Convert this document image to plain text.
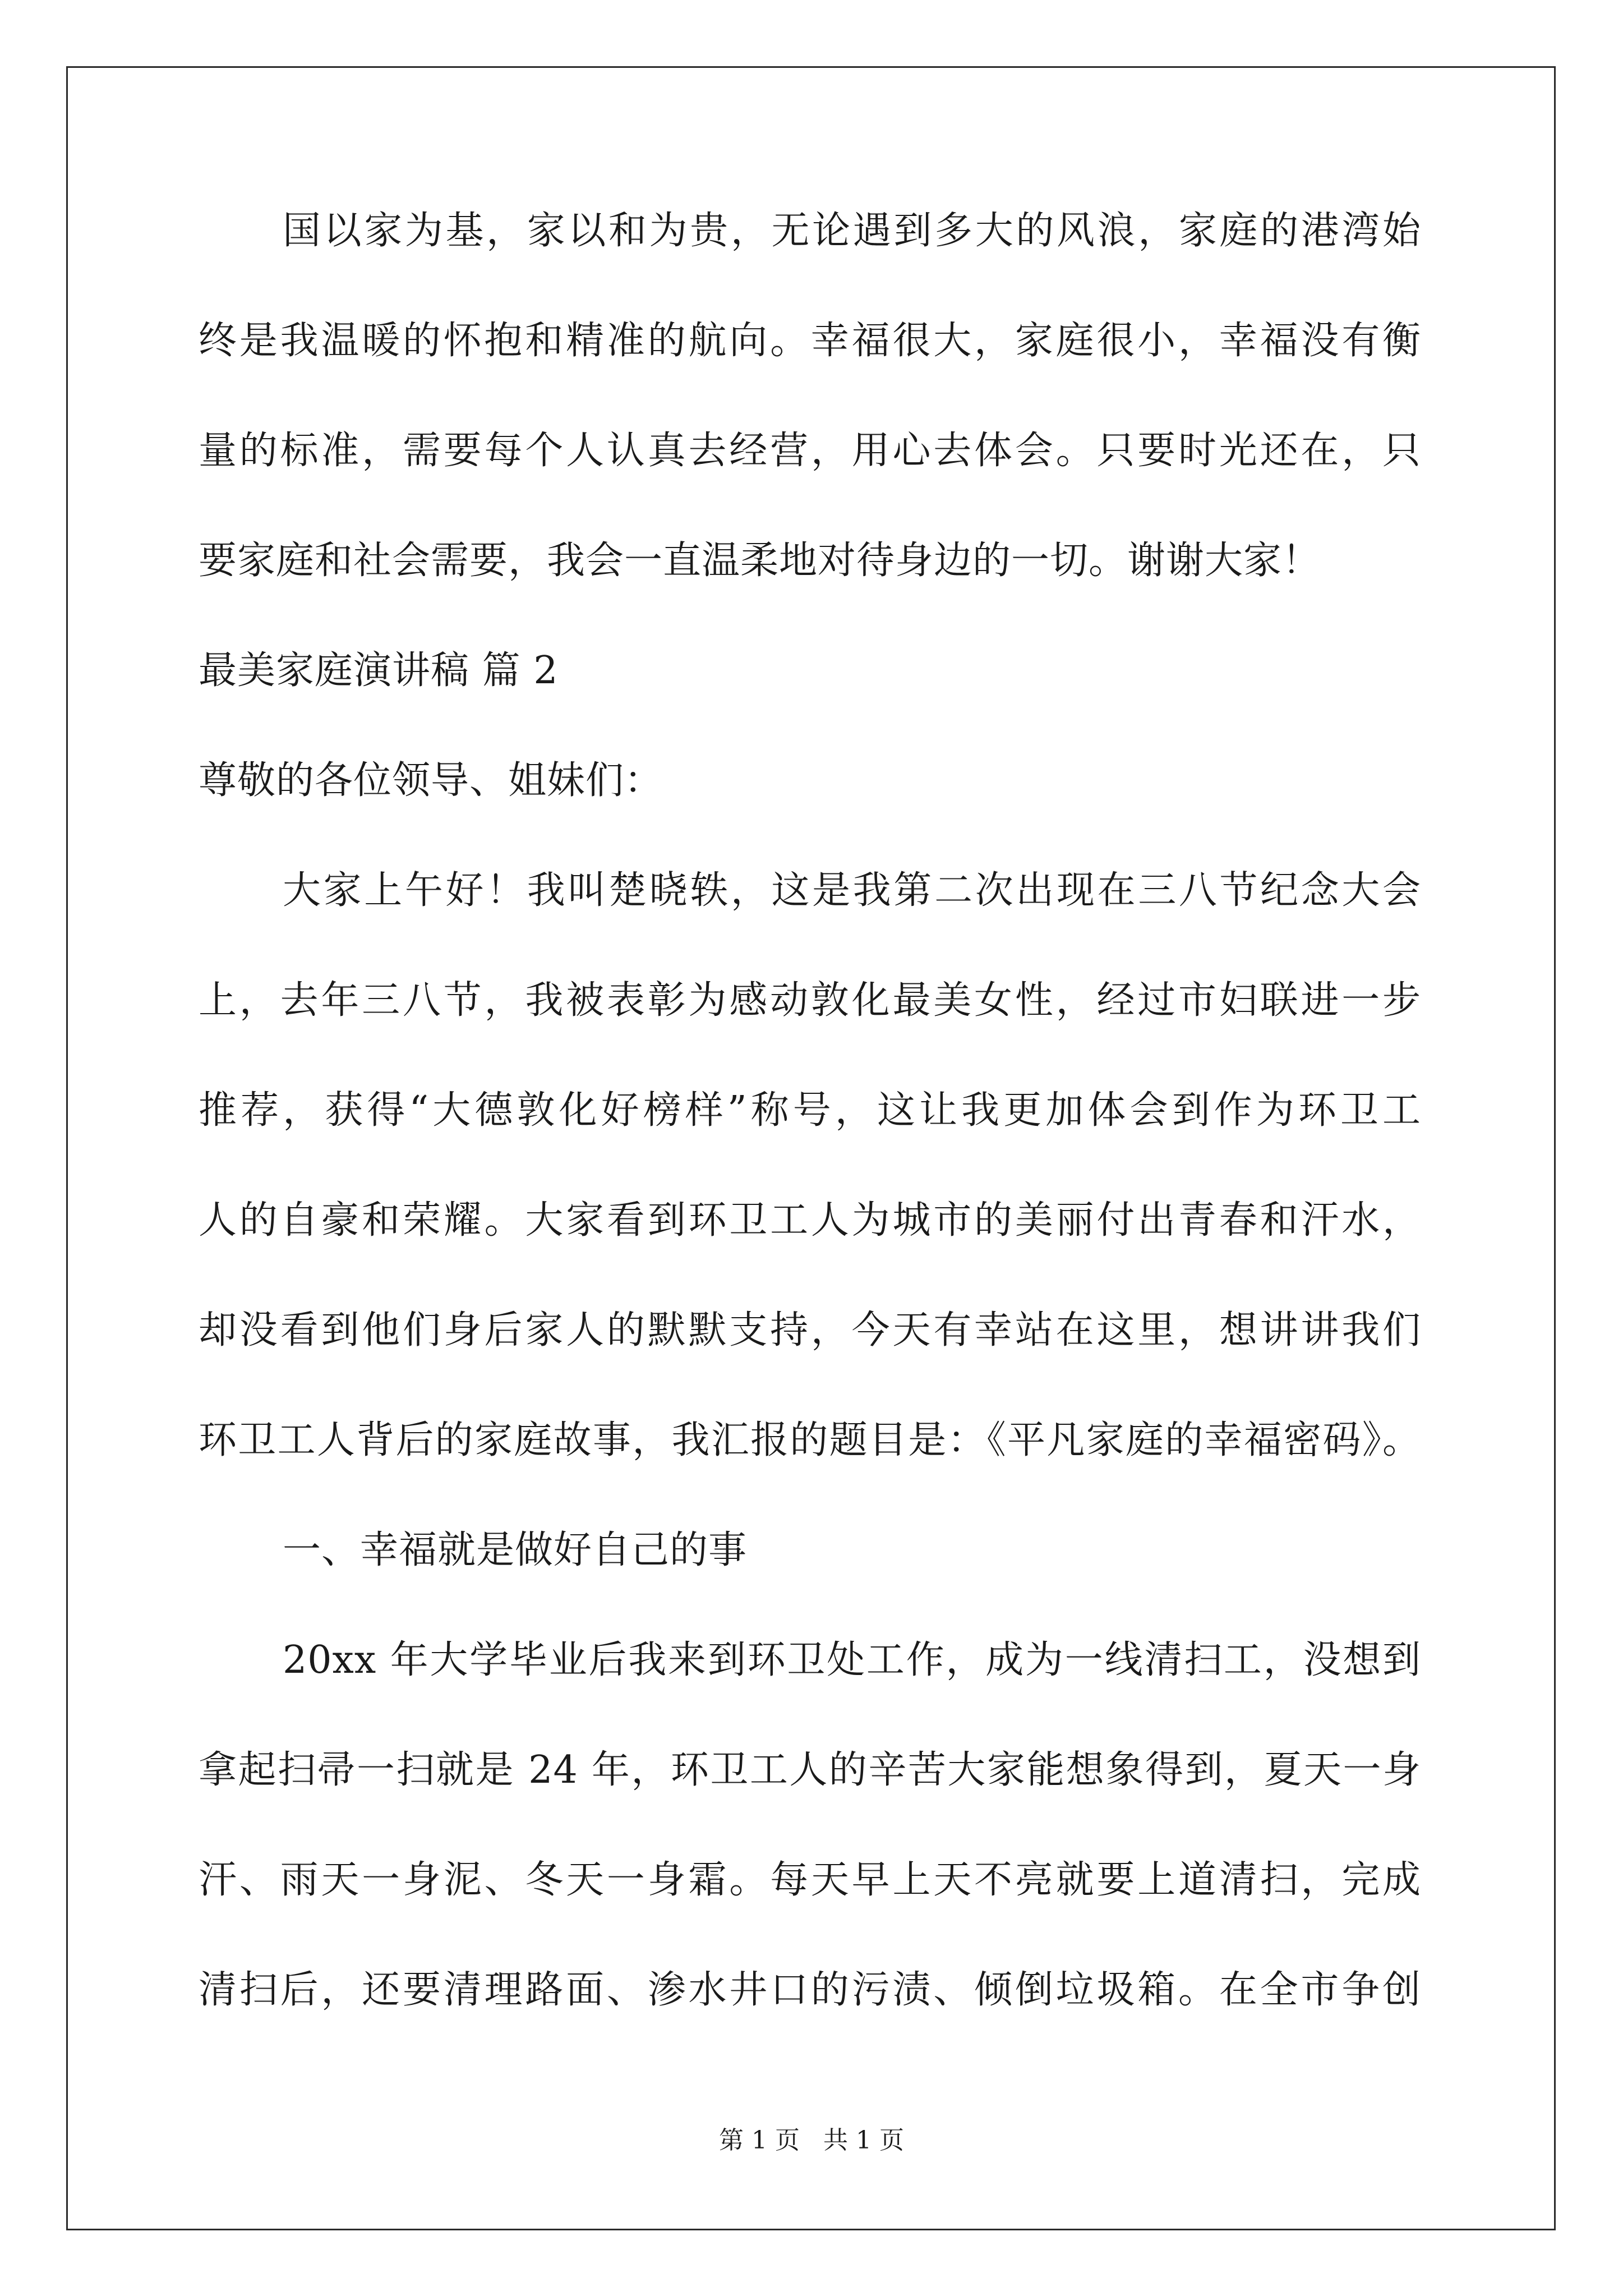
国以家为基，家以和为贵，无论遇到多大的风浪，家庭的港湾始
终是我温暖的怀抱和精准的航向。幸福很大，家庭很小，幸福没有衡
量的标准，需要每个人认真去经营，用心去体会。只要时光还在，只
要家庭和社会需要，我会一直温柔地对待身边的一切。谢谢大家！
最美家庭演讲稿 篇 2
尊敬的各位领导、姐妹们：
大家上午好！我叫楚晓轶，这是我第二次出现在三八节纪念大会
上，去年三八节，我被表彰为感动敦化最美女性，经过市妇联进一步
推荐，获得“大德敦化好榜样”称号，这让我更加体会到作为环卫工
人的自豪和荣耀。大家看到环卫工人为城市的美丽付出青春和汗水，
却没看到他们身后家人的默默支持，今天有幸站在这里，想讲讲我们
环卫工人背后的家庭故事，我汇报的题目是：《平凡家庭的幸福密码》。
一、幸福就是做好自己的事
20xx 年大学毕业后我来到环卫处工作，成为一线清扫工，没想到
拿起扫帚一扫就是 24 年，环卫工人的辛苦大家能想象得到，夏天一身
汗、雨天一身泥、冬天一身霜。每天早上天不亮就要上道清扫，完成
清扫后，还要清理路面、渗水井口的污渍、倾倒垃圾箱。在全市争创
第 1 页   共 1 页
